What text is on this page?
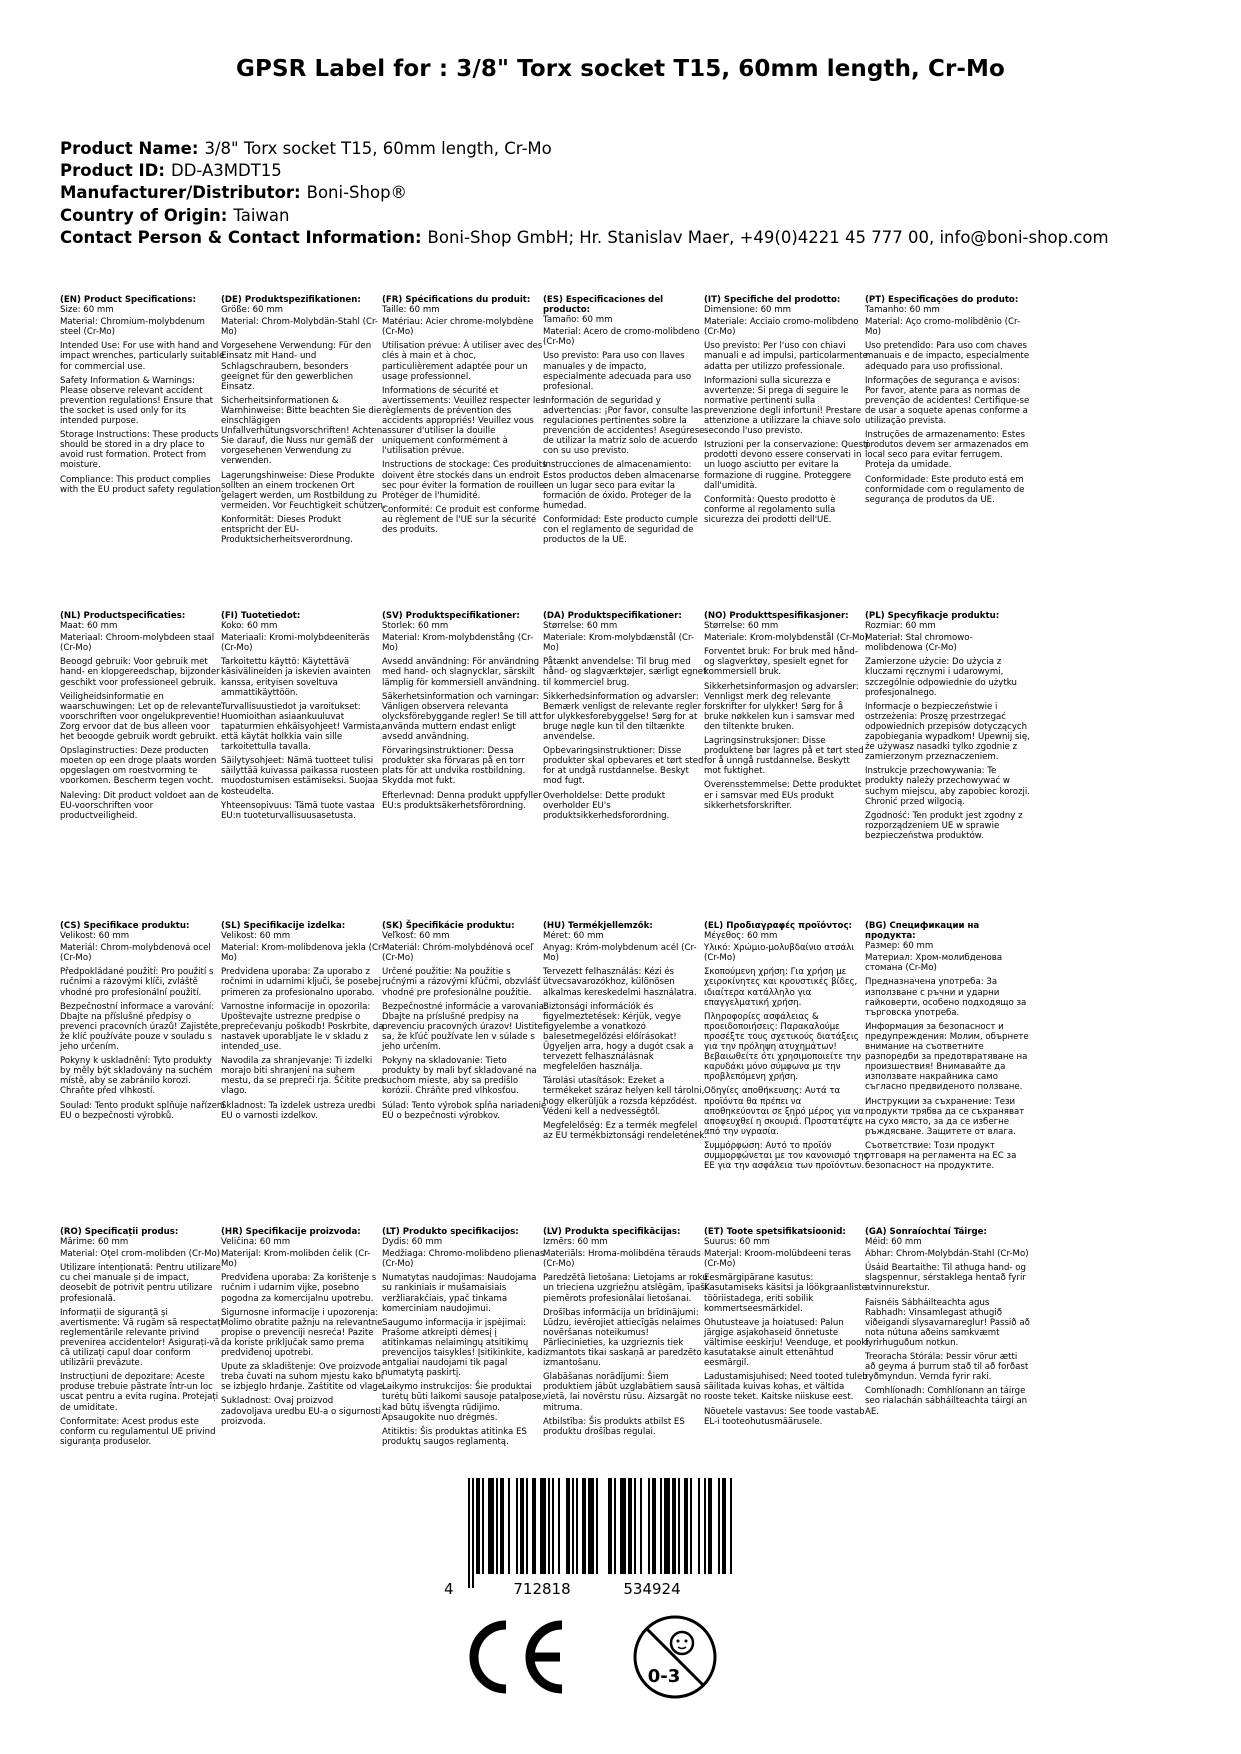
GPSR Label for : 3/8" Torx socket T15, 60mm length, Cr-Mo
Product Name: 3/8" Torx socket T15, 60mm length, Cr-Mo
Product ID: DD-A3MDT15
Manufacturer/Distributor: Boni-Shop®
Country of Origin: Taiwan
Contact Person & Contact Information: Boni-Shop GmbH; Hr. Stanislav Maer, +49(0)4221 45 777 00, info@boni-shop.com
(EN) Product Specifications:

Size: 60 mm

Material: Chromium-molybdenum steel (Cr-Mo)

Intended Use: For use with hand and impact wrenches, particularly suitable for commercial use.

Safety Information & Warnings: Please observe relevant accident prevention regulations! Ensure that the socket is used only for its intended purpose.

Storage Instructions: These products should be stored in a dry place to avoid rust formation. Protect from moisture.

Compliance: This product complies with the EU product safety regulation.

(DE) Produktspezifikationen:

Größe: 60 mm

Material: Chrom-Molybdän-Stahl (Cr-Mo)

Vorgesehene Verwendung: Für den Einsatz mit Hand- und Schlagschraubern, besonders geeignet für den gewerblichen Einsatz.

Sicherheitsinformationen & Warnhinweise: Bitte beachten Sie die einschlägigen Unfallverhütungsvorschriften! Achten Sie darauf, die Nuss nur gemäß der vorgesehenen Verwendung zu verwenden.

Lagerungshinweise: Diese Produkte sollten an einem trockenen Ort gelagert werden, um Rostbildung zu vermeiden. Vor Feuchtigkeit schützen.

Konformität: Dieses Produkt entspricht der EU-Produktsicherheitsverordnung.

(FR) Spécifications du produit:

Taille: 60 mm

Matériau: Acier chrome-molybdène (Cr-Mo)

Utilisation prévue: À utiliser avec des clés à main et à choc, particulièrement adaptée pour un usage professionnel.

Informations de sécurité et avertissements: Veuillez respecter les règlements de prévention des accidents appropriés! Veuillez vous assurer d'utiliser la douille uniquement conformément à l'utilisation prévue.

Instructions de stockage: Ces produits doivent être stockés dans un endroit sec pour éviter la formation de rouille. Protéger de l'humidité.

Conformité: Ce produit est conforme au règlement de l'UE sur la sécurité des produits.

(ES) Especificaciones del producto:

Tamaño: 60 mm

Material: Acero de cromo-molibdeno (Cr-Mo)

Uso previsto: Para uso con llaves manuales y de impacto, especialmente adecuada para uso profesional.

Información de seguridad y advertencias: ¡Por favor, consulte las regulaciones pertinentes sobre la prevención de accidentes! Asegúrese de utilizar la matriz solo de acuerdo con su uso previsto.

Instrucciones de almacenamiento: Estos productos deben almacenarse en un lugar seco para evitar la formación de óxido. Proteger de la humedad.

Conformidad: Este producto cumple con el reglamento de seguridad de productos de la UE.

(IT) Specifiche del prodotto:

Dimensione: 60 mm

Materiale: Acciaio cromo-molibdeno (Cr-Mo)

Uso previsto: Per l'uso con chiavi manuali e ad impulsi, particolarmente adatta per utilizzo professionale.

Informazioni sulla sicurezza e avvertenze: Si prega di seguire le normative pertinenti sulla prevenzione degli infortuni! Prestare attenzione a utilizzare la chiave solo secondo l'uso previsto.

Istruzioni per la conservazione: Questi prodotti devono essere conservati in un luogo asciutto per evitare la formazione di ruggine. Proteggere dall'umidità.

Conformità: Questo prodotto è conforme al regolamento sulla sicurezza dei prodotti dell'UE.

(PT) Especificações do produto:

Tamanho: 60 mm

Material: Aço cromo-molibdênio (Cr-Mo)

Uso pretendido: Para uso com chaves manuais e de impacto, especialmente adequado para uso profissional.

Informações de segurança e avisos: Por favor, atente para as normas de prevenção de acidentes! Certifique-se de usar a soquete apenas conforme a utilização prevista.

Instruções de armazenamento: Estes produtos devem ser armazenados em local seco para evitar ferrugem. Proteja da umidade.

Conformidade: Este produto está em conformidade com o regulamento de segurança de produtos da UE.

(NL) Productspecificaties:

Maat: 60 mm

Materiaal: Chroom-molybdeen staal (Cr-Mo)

Beoogd gebruik: Voor gebruik met hand- en klopgereedschap, bijzonder geschikt voor professioneel gebruik.

Veiligheidsinformatie en waarschuwingen: Let op de relevante voorschriften voor ongelukpreventie! Zorg ervoor dat de bus alleen voor het beoogde gebruik wordt gebruikt.

Opslaginstructies: Deze producten moeten op een droge plaats worden opgeslagen om roestvorming te voorkomen. Bescherm tegen vocht.

Naleving: Dit product voldoet aan de EU-voorschriften voor productveiligheid.

(FI) Tuotetiedot:

Koko: 60 mm

Materiaali: Kromi-molybdeeniteräs (Cr-Mo)

Tarkoitettu käyttö: Käytettävä käsivälineiden ja iskevien avainten kanssa, erityisen soveltuva ammattikäyttöön.

Turvallisuustiedot ja varoitukset: Huomioithan asiaankuuluvat tapaturmien ehkäisyohjeet! Varmista, että käytät holkkia vain sille tarkoitettulla tavalla.

Säilytysohjeet: Nämä tuotteet tulisi säilyttää kuivassa paikassa ruosteen muodostumisen estämiseksi. Suojaa kosteudelta.

Yhteensopivuus: Tämä tuote vastaa EU:n tuoteturvallisuusasetusta.

(SV) Produktspecifikationer:

Storlek: 60 mm

Material: Krom-molybdenstång (Cr-Mo)

Avsedd användning: För användning med hand- och slagnycklar, särskilt lämplig för kommersiell användning.

Säkerhetsinformation och varningar: Vänligen observera relevanta olycksförebyggande regler! Se till att använda muttern endast enligt avsedd användning.

Förvaringsinstruktioner: Dessa produkter ska förvaras på en torr plats för att undvika rostbildning. Skydda mot fukt.

Efterlevnad: Denna produkt uppfyller EU:s produktsäkerhetsförordning.

(DA) Produktspecifikationer:

Størrelse: 60 mm

Materiale: Krom-molybdænstål (Cr-Mo)

Påtænkt anvendelse: Til brug med hånd- og slagværktøjer, særligt egnet til kommerciel brug.

Sikkerhedsinformation og advarsler: Bemærk venligst de relevante regler for ulykkesforebyggelse! Sørg for at bruge nøgle kun til den tiltænkte anvendelse.

Opbevaringsinstruktioner: Disse produkter skal opbevares et tørt sted for at undgå rustdannelse. Beskyt mod fugt.

Overholdelse: Dette produkt overholder EU's produktsikkerhedsforordning.

(NO) Produkttspesifikasjoner:

Størrelse: 60 mm

Materiale: Krom-molybdenstål (Cr-Mo)

Forventet bruk: For bruk med hånd- og slagverktøy, spesielt egnet for kommersiell bruk.

Sikkerhetsinformasjon og advarsler: Vennligst merk deg relevante forskrifter for ulykker! Sørg for å bruke nøkkelen kun i samsvar med den tiltenkte bruken.

Lagringsinstruksjoner: Disse produktene bør lagres på et tørt sted for å unngå rustdannelse. Beskytt mot fuktighet.

Overensstemmelse: Dette produktet er i samsvar med EUs produkt sikkerhetsforskrifter.

(PL) Specyfikacje produktu:

Rozmiar: 60 mm

Materiał: Stal chromowo-molibdenowa (Cr-Mo)

Zamierzone użycie: Do użycia z kluczami ręcznymi i udarowymi, szczególnie odpowiednie do użytku profesjonalnego.

Informacje o bezpieczeństwie i ostrzeżenia: Proszę przestrzegać odpowiednich przepisów dotyczących zapobiegania wypadkom! Upewnij się, że używasz nasadki tylko zgodnie z zamierzonym przeznaczeniem.

Instrukcje przechowywania: Te produkty należy przechowywać w suchym miejscu, aby zapobiec korozji. Chronić przed wilgocią.

Zgodność: Ten produkt jest zgodny z rozporządzeniem UE w sprawie bezpieczeństwa produktów.

(CS) Specifikace produktu:

Velikost: 60 mm

Materiál: Chrom-molybdenová ocel (Cr-Mo)

Předpokládané použití: Pro použití s ručními a rázovými klíči, zvláště vhodné pro profesionální použití.

Bezpečnostní informace a varování: Dbajte na příslušné předpisy o prevenci pracovních úrazů! Zajistěte, že klíč používáte pouze v souladu s jeho určením.

Pokyny k uskladnění: Tyto produkty by měly být skladovány na suchém místě, aby se zabránilo korozi. Chraňte před vlhkostí.

Soulad: Tento produkt splňuje nařízení EU o bezpečnosti výrobků.

(SL) Specifikacije izdelka:

Velikost: 60 mm

Material: Krom-molibdenova jekla (Cr-Mo)

Predvidena uporaba: Za uporabo z ročnimi in udarnimi ključi, še posebej primeren za profesionalno uporabo.

Varnostne informacije in opozorila: Upoštevajte ustrezne predpise o preprečevanju poškodb! Poskrbite, da nastavek uporabljate le v skladu z intended_use.

Navodila za shranjevanje: Ti izdelki morajo biti shranjeni na suhem mestu, da se prepreči rja. Ščitite pred vlago.

Skladnost: Ta izdelek ustreza uredbi EU o varnosti izdelkov.

(SK) Špecifikácie produktu:

Veľkosť: 60 mm

Materiál: Chróm-molybdénová oceľ (Cr-Mo)

Určené použitie: Na použitie s ručnými a rázovými kľúčmi, obzvlášť vhodné pre profesionálne použitie.

Bezpečnostné informácie a varovania: Dbajte na príslušné predpisy na prevenciu pracovných úrazov! Uistite sa, že kľúč používate len v súlade s jeho určením.

Pokyny na skladovanie: Tieto produkty by mali byť skladované na suchom mieste, aby sa predišlo korózii. Chráňte pred vlhkosťou.

Súlad: Tento výrobok spĺňa nariadenie EÚ o bezpečnosti výrobkov.

(HU) Termékjellemzők:

Méret: 60 mm

Anyag: Króm-molybdenum acél (Cr-Mo)

Tervezett felhasználás: Kézi és ütvecsavarozókhoz, különösen alkalmas kereskedelmi használatra.

Biztonsági információk és figyelmeztetések: Kérjük, vegye figyelembe a vonatkozó balesetmegelőzési előírásokat! Ügyeljen arra, hogy a dugót csak a tervezett felhasználásnak megfelelően használja.

Tárolási utasítások: Ezeket a termékeket száraz helyen kell tárolni, hogy elkerüljük a rozsda képződést. Védeni kell a nedvességtől.

Megfelelőség: Ez a termék megfelel az EU termékbiztonsági rendeletének.

(EL) Προδιαγραφές προϊόντος:

Μέγεθος: 60 mm

Υλικό: Χρώμιο-μολυβδαίνιο ατσάλι (Cr-Mo)

Σκοπούμενη χρήση: Για χρήση με χειροκίνητες και κρουστικές βίδες, ιδιαίτερα κατάλληλο για επαγγελματική χρήση.

Πληροφορίες ασφάλειας & προειδοποιήσεις: Παρακαλούμε προσέξτε τους σχετικούς διατάξεις για την πρόληψη ατυχημάτων! Βεβαιωθείτε ότι χρησιμοποιείτε την καρυδάκι μόνο σύμφωνα με την προβλεπόμενη χρήση.

Οδηγίες αποθήκευσης: Αυτά τα προϊόντα θα πρέπει να αποθηκεύονται σε ξηρό μέρος για να αποφευχθεί η σκουριά. Προστατέψτε από την υγρασία.

Συμμόρφωση: Αυτό το προϊόν συμμορφώνεται με τον κανονισμό της ΕΕ για την ασφάλεια των προϊόντων.

(BG) Спецификации на продукта:

Размер: 60 mm

Материал: Хром-молибденова стомана (Cr-Mo)

Предназначена употреба: За използване с ръчни и ударни гайковерти, особено подходящо за търговска употреба.

Информация за безопасност и предупреждения: Молим, обърнете внимание на съответните разпоредби за предотвратяване на произшествия! Внимавайте да използвате накрайника само съгласно предвиденото ползване.

Инструкции за съхранение: Тези продукти трябва да се съхраняват на сухо място, за да се избегне ръждясване. Защитете от влага.

Съответствие: Този продукт отговаря на регламента на ЕС за безопасност на продуктите.

(RO) Specificații produs:

Mărime: 60 mm

Material: Oțel crom-molibden (Cr-Mo)

Utilizare intenționată: Pentru utilizare cu chei manuale și de impact, deosebit de potrivit pentru utilizare profesională.

Informații de siguranță și avertismente: Vă rugăm să respectați reglementările relevante privind prevenirea accidentelor! Asigurați-vă că utilizați capul doar conform utilizării prevăzute.

Instrucțiuni de depozitare: Aceste produse trebuie păstrate într-un loc uscat pentru a evita rugina. Protejați de umiditate.

Conformitate: Acest produs este conform cu regulamentul UE privind siguranța produselor.

(HR) Specifikacije proizvoda:

Veličina: 60 mm

Materijal: Krom-molibden čelik (Cr-Mo)

Predviđena uporaba: Za korištenje s ručnim i udarnim vijke, posebno pogodna za komercijalnu upotrebu.

Sigurnosne informacije i upozorenja: Molimo obratite pažnju na relevantne propise o prevenciji nesreća! Pazite da koriste priključak samo prema predviđenoj upotrebi.

Upute za skladištenje: Ove proizvode treba čuvati na suhom mjestu kako bi se izbjeglo hrđanje. Zaštitite od vlage.

Sukladnost: Ovaj proizvod zadovoljava uredbu EU-a o sigurnosti proizvoda.

(LT) Produkto specifikacijos:

Dydis: 60 mm

Medžiaga: Chromo-molibdeno plienas (Cr-Mo)

Numatytas naudojimas: Naudojama su rankiniais ir mušamaisiais veržliarakčiais, ypač tinkama komerciniam naudojimui.

Saugumo informacija ir įspėjimai: Prašome atkreipti dėmesį į atitinkamas nelaimingų atsitikimų prevencijos taisykles! Įsitikinkite, kad antgaliai naudojami tik pagal numatytą paskirtį.

Laikymo instrukcijos: Šie produktai turėtų būti laikomi sausoje patalpose, kad būtų išvengta rūdijimo. Apsaugokite nuo drėgmės.

Atitiktis: Šis produktas atitinka ES produktų saugos reglamentą.

(LV) Produkta specifikācijas:

Izmērs: 60 mm

Materiāls: Hroma-molibdēna tērauds (Cr-Mo)

Paredzētā lietošana: Lietojams ar roku un trieciena uzgriežņu atslēgām, īpaši piemērots profesionālai lietošanai.

Drošības informācija un brīdinājumi: Lūdzu, ievērojiet attiecīgās nelaimes novēršanas noteikumus! Pārliecinieties, ka uzgrieznis tiek izmantots tikai saskaņā ar paredzēto izmantošanu.

Glabāšanas norādījumi: Šiem produktiem jābūt uzglabātiem sausā vietā, lai novērstu rūsu. Aizsargāt no mitruma.

Atbilstība: Šis produkts atbilst ES produktu drošības regulai.

(ET) Toote spetsifikatsioonid:

Suurus: 60 mm

Materjal: Kroom-molübdeeni teras (Cr-Mo)

Eesmärgipärane kasutus: Kasutamiseks käsitsi ja löökgraanliste tööriistadega, eriti sobilik kommertseesmärkidel.

Ohutusteave ja hoiatused: Palun järgige asjakohaseid õnnetuste vältimise eeskirju! Veenduge, et pooki kasutatakse ainult ettenähtud eesmärgil.

Ladustamisjuhised: Need tooted tuleb säilitada kuivas kohas, et vältida rooste teket. Kaitske niiskuse eest.

Nõuetele vastavus: See toode vastab EL-i tooteohutusmäärusele.

(GA) Sonraíochtaí Táirge:

Méid: 60 mm

Ábhar: Chrom-Molybdán-Stahl (Cr-Mo)

Úsáid Beartaithe: Til athuga hand- og slagspennur, sérstaklega hentað fyrir atvinnurekstur.

Faisnéis Sábháilteachta agus Rabhadh: Vinsamlegast athugið viðeigandi slysavarnareglur! Passið að nota nútuna aðeins samkvæmt fyrirhuguðum notkun.

Treoracha Stórála: Þessir vörur ætti að geyma á þurrum stað til að forðast ryðmyndun. Vernda fyrir raki.

Comhlíonadh: Comhlíonann an táirge seo rialachán sábháilteachta táirgí an AE.

4	712818	534924
CE
0-3
